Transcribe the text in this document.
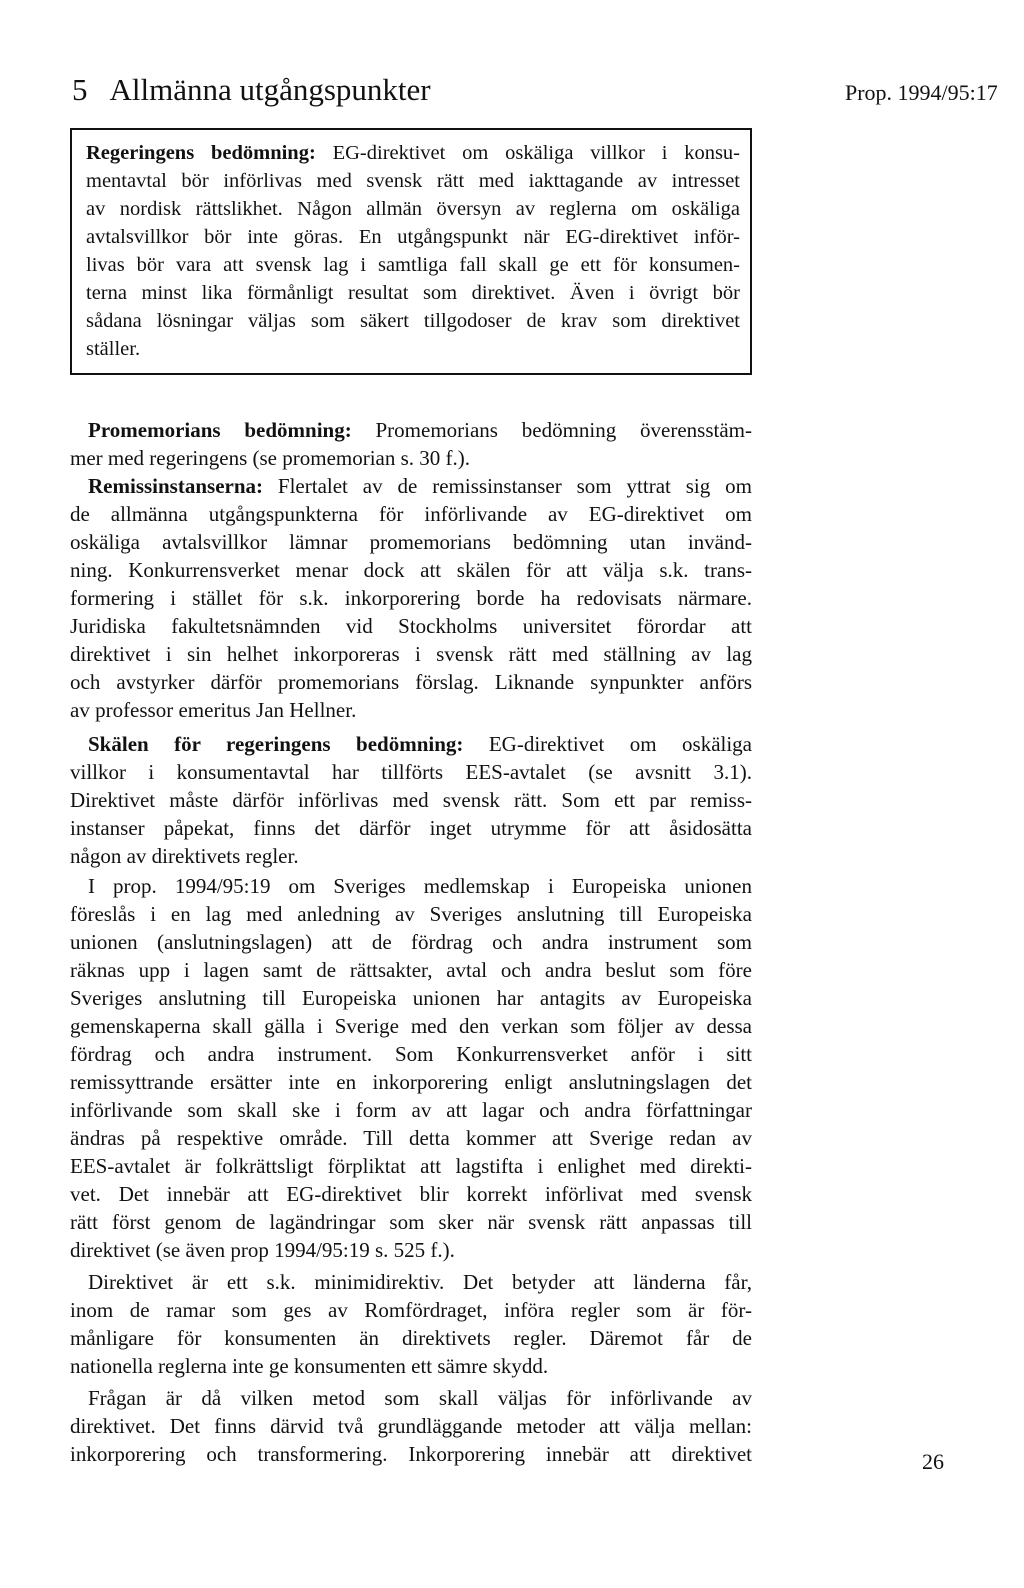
5 Allmänna utgångspunkter	Prop. 1994/95:17
Regeringens bedömning: EG-direktivet om oskäliga villkor i konsu-
mentavtal bör införlivas med svensk rätt med iakttagande av intresset
av nordisk rättslikhet. Någon allmän översyn av reglerna om oskäliga
avtalsvillkor bör inte göras. En utgångspunkt när EG-direktivet inför-
livas bör vara att svensk lag i samtliga fall skall ge ett för konsumen-
terna minst lika förmånligt resultat som direktivet. Även i övrigt bör
sådana lösningar väljas som säkert tillgodoser de krav som direktivet
ställer.
Promemorians bedömning: Promemorians bedömning överensstäm-
mer med regeringens (se promemorian s. 30 f.).
Remissinstanserna: Flertalet av de remissinstanser som yttrat sig om
de allmänna utgångspunkterna för införlivande av EG-direktivet om
oskäliga avtalsvillkor lämnar promemorians bedömning utan invänd-
ning. Konkurrensverket menar dock att skälen för att välja s.k. trans-
formering i stället för s.k. inkorporering borde ha redovisats närmare.
Juridiska fakultetsnämnden vid Stockholms universitet förordar att
direktivet i sin helhet inkorporeras i svensk rätt med ställning av lag
och avstyrker därför promemorians förslag. Liknande synpunkter anförs
av professor emeritus Jan Hellner.
Skälen för regeringens bedömning: EG-direktivet om oskäliga
villkor i konsumentavtal har tillförts EES-avtalet (se avsnitt 3.1).
Direktivet måste därför införlivas med svensk rätt. Som ett par remiss-
instanser påpekat, finns det därför inget utrymme för att åsidosätta
någon av direktivets regler.
I prop. 1994/95:19 om Sveriges medlemskap i Europeiska unionen
föreslås i en lag med anledning av Sveriges anslutning till Europeiska
unionen (anslutningslagen) att de fördrag och andra instrument som
räknas upp i lagen samt de rättsakter, avtal och andra beslut som före
Sveriges anslutning till Europeiska unionen har antagits av Europeiska
gemenskaperna skall gälla i Sverige med den verkan som följer av dessa
fördrag och andra instrument. Som Konkurrensverket anför i sitt
remissyttrande ersätter inte en inkorporering enligt anslutningslagen det
införlivande som skall ske i form av att lagar och andra författningar
ändras på respektive område. Till detta kommer att Sverige redan av
EES-avtalet är folkrättsligt förpliktat att lagstifta i enlighet med direkti-
vet. Det innebär att EG-direktivet blir korrekt införlivat med svensk
rätt först genom de lagändringar som sker när svensk rätt anpassas till
direktivet (se även prop 1994/95:19 s. 525 f.).
Direktivet är ett s.k. minimidirektiv. Det betyder att länderna får,
inom de ramar som ges av Romfördraget, införa regler som är för-
månligare för konsumenten än direktivets regler. Däremot får de
nationella reglerna inte ge konsumenten ett sämre skydd.
Frågan är då vilken metod som skall väljas för införlivande av
direktivet. Det finns därvid två grundläggande metoder att välja mellan:
inkorporering och transformering. Inkorporering innebär att direktivet	26
